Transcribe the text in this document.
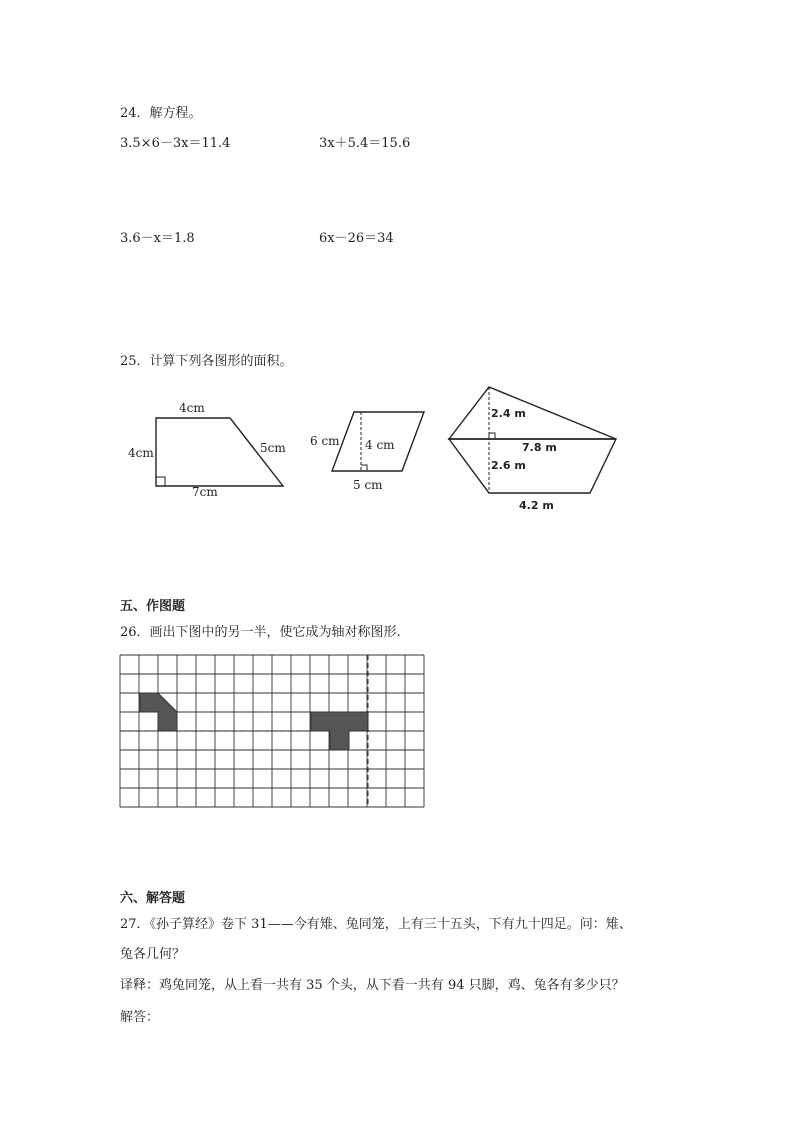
24．解方程。
3.5×6－3x＝11.4	3x＋5.4＝15.6
3.6－x＝1.8	6x－26＝34
25．计算下列各图形的面积。
4cm
4cm	5cm
7cm
6 cm 4 cm
5 cm
2.4 m
7.8 m
2.6 m
4.2 m
五、作图题
26．画出下图中的另一半，使它成为轴对称图形.
六、解答题
27．《孙子算经》卷下 31——今有雉、兔同笼，上有三十五头，下有九十四足。问：雉、
兔各几何？
译释：鸡兔同笼，从上看一共有 35 个头，从下看一共有 94 只脚，鸡、兔各有多少只？
解答：
